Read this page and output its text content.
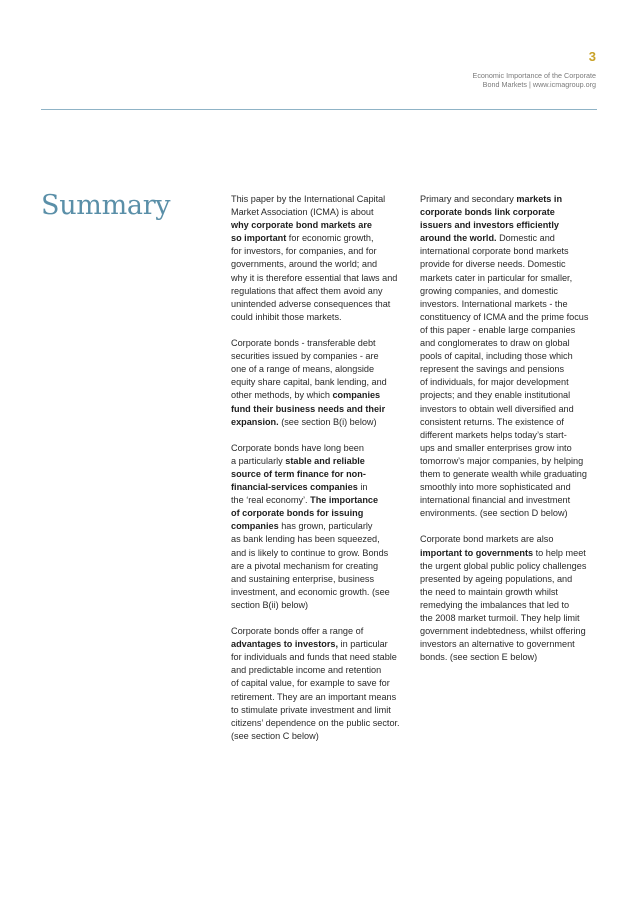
3
Economic Importance of the Corporate
Bond Markets | www.icmagroup.org
Summary	This paper by the International Capital
Market Association (ICMA) is about
why corporate bond markets are
so important for economic growth,
for investors, for companies, and for
governments, around the world; and
why it is therefore essential that laws and
regulations that affect them avoid any
unintended adverse consequences that
could inhibit those markets.
Corporate bonds - transferable debt
securities issued by companies - are
one of a range of means, alongside
equity share capital, bank lending, and
other methods, by which companies
fund their business needs and their
expansion. (see section B(i) below)
Corporate bonds have long been
a particularly stable and reliable
source of term finance for non-
financial-services companies in
the ‘real economy’. The importance
of corporate bonds for issuing
companies has grown, particularly
as bank lending has been squeezed,
and is likely to continue to grow. Bonds
are a pivotal mechanism for creating
and sustaining enterprise, business
investment, and economic growth. (see
section B(ii) below)
Corporate bonds offer a range of
advantages to investors, in particular
for individuals and funds that need stable
and predictable income and retention
of capital value, for example to save for
retirement. They are an important means
to stimulate private investment and limit
citizens’ dependence on the public sector.
(see section C below)
Primary and secondary markets in
corporate bonds link corporate
issuers and investors efficiently
around the world. Domestic and
international corporate bond markets
provide for diverse needs. Domestic
markets cater in particular for smaller,
growing companies, and domestic
investors. International markets - the
constituency of ICMA and the prime focus
of this paper - enable large companies
and conglomerates to draw on global
pools of capital, including those which
represent the savings and pensions
of individuals, for major development
projects; and they enable institutional
investors to obtain well diversified and
consistent returns. The existence of
different markets helps today’s start-
ups and smaller enterprises grow into
tomorrow’s major companies, by helping
them to generate wealth while graduating
smoothly into more sophisticated and
international financial and investment
environments. (see section D below)
Corporate bond markets are also
important to governments to help meet
the urgent global public policy challenges
presented by ageing populations, and
the need to maintain growth whilst
remedying the imbalances that led to
the 2008 market turmoil. They help limit
government indebtedness, whilst offering
investors an alternative to government
bonds. (see section E below)
